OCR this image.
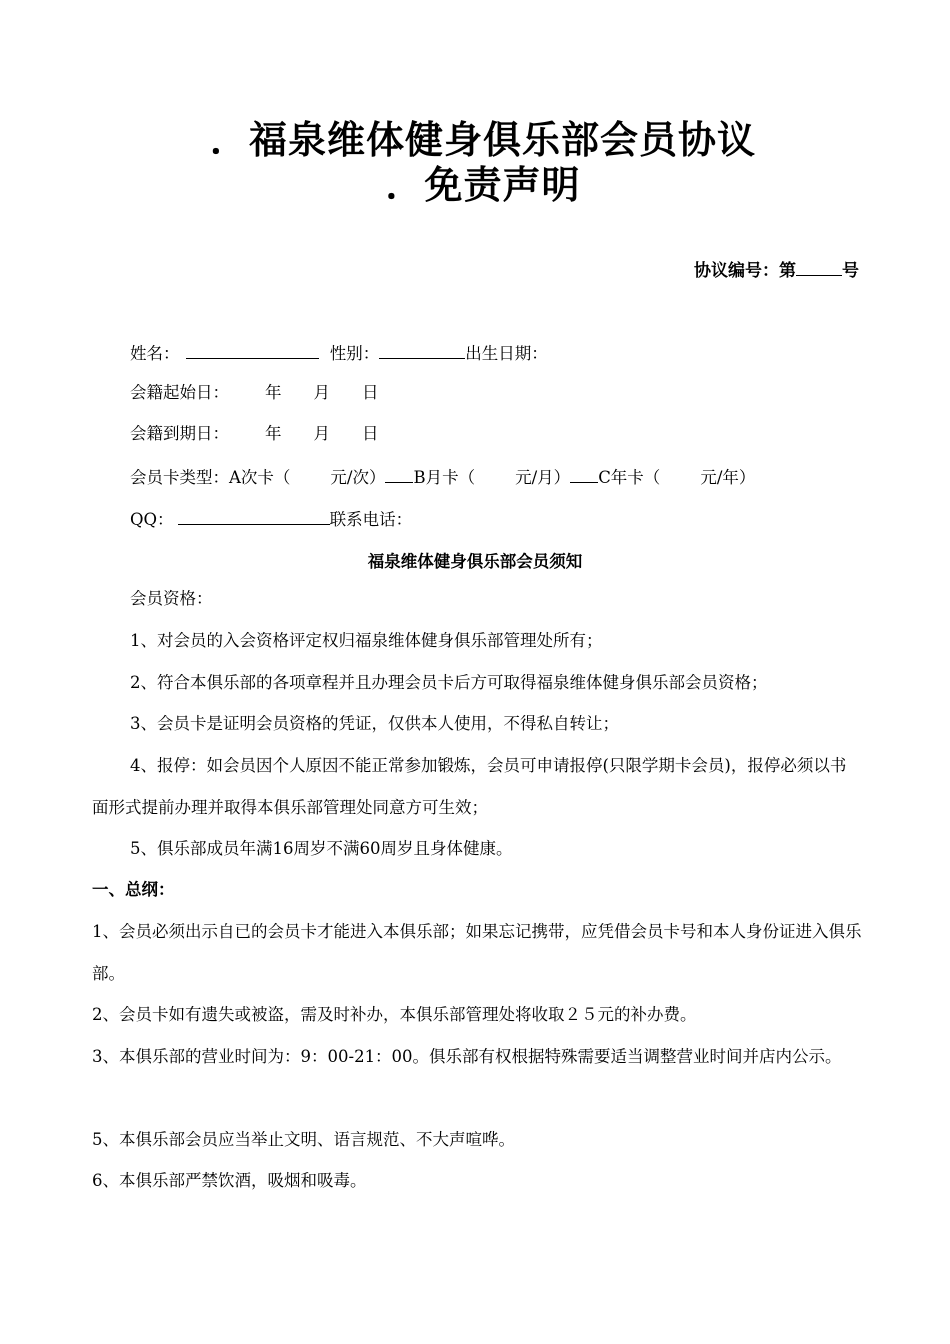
．福泉维体健身俱乐部会员协议
．免责声明
协议编号：第	号
姓名：	性别：	出生日期：
会籍起始日： 年 月 日
会籍到期日： 年 月 日
会员卡类型：A次卡（ 元/次） B月卡（ 元/月） C年卡（ 元/年）
QQ：	联系电话：
福泉维体健身俱乐部会员须知
会员资格：
1、对会员的入会资格评定权归福泉维体健身俱乐部管理处所有；
2、符合本俱乐部的各项章程并且办理会员卡后方可取得福泉维体健身俱乐部会员资格；
3、会员卡是证明会员资格的凭证，仅供本人使用，不得私自转让；
4、报停：如会员因个人原因不能正常参加锻炼，会员可申请报停(只限学期卡会员)，报停必须以书面形式提前办理并取得本俱乐部管理处同意方可生效；
5、俱乐部成员年满16周岁不满60周岁且身体健康。
一、总纲：
1、会员必须出示自已的会员卡才能进入本俱乐部；如果忘记携带，应凭借会员卡号和本人身份证进入俱乐部。
2、会员卡如有遗失或被盗，需及时补办，本俱乐部管理处将收取２５元的补办费。
3、本俱乐部的营业时间为：9：00-21：00。俱乐部有权根据特殊需要适当调整营业时间并店内公示。
5、本俱乐部会员应当举止文明、语言规范、不大声喧哗。
6、本俱乐部严禁饮酒，吸烟和吸毒。
